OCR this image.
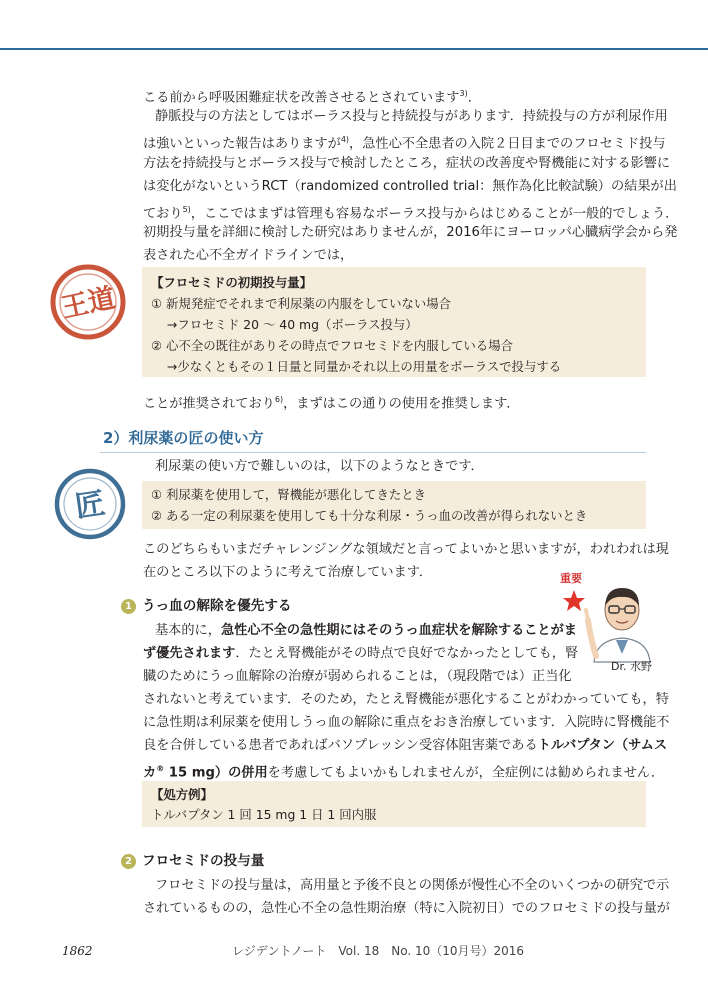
こる前から呼吸困難症状を改善させるとされています$^{3)}$．

静脈投与の方法としてはボーラス投与と持続投与があります．持続投与の方が利尿作用

は強いといった報告はありますが$^{4)}$，急性心不全患者の入院２日目までのフロセミド投与

方法を持続投与とボーラス投与で検討したところ，症状の改善度や腎機能に対する影響に

は変化がないというRCT（randomized controlled trial：無作為化比較試験）の結果が出

ており$^{5)}$，ここではまずは管理も容易なボーラス投与からはじめることが一般的でしょう．

初期投与量を詳細に検討した研究はありませんが，2016年にヨーロッパ心臓病学会から発

表された心不全ガイドラインでは，

王道
【フロセミドの初期投与量】
① 新規発症でそれまで利尿薬の内服をしていない場合
→フロセミド 20 ～ 40 mg（ボーラス投与）
② 心不全の既往がありその時点でフロセミドを内服している場合
→少なくともその１日量と同量かそれ以上の用量をボーラスで投与する

ことが推奨されており$^{6)}$，まずはこの通りの使用を推奨します．

2）利尿薬の匠の使い方

利尿薬の使い方で難しいのは，以下のようなときです．

匠	① 利尿薬を使用して，腎機能が悪化してきたとき
② ある一定の利尿薬を使用しても十分な利尿・うっ血の改善が得られないとき

このどちらもいまだチャレンジングな領域だと言ってよいかと思いますが，われわれは現

在のところ以下のように考えて治療しています．

1 うっ血の解除を優先する

基本的に，急性心不全の急性期にはそのうっ血症状を解除することがま

ず優先されます．たとえ腎機能がその時点で良好でなかったとしても，腎

臓のためにうっ血解除の治療が弱められることは，（現段階では）正当化

されないと考えています．そのため，たとえ腎機能が悪化することがわかっていても，特

に急性期は利尿薬を使用しうっ血の解除に重点をおき治療しています．入院時に腎機能不

良を合併している患者であればバソプレッシン受容体阻害薬であるトルバプタン（サムス

カ® 15 mg）の併用を考慮してもよいかもしれませんが，全症例には勧められません．

重要
Dr. 水野
【処方例】
トルバプタン 1 回 15 mg 1 日 1 回内服
2 フロセミドの投与量

フロセミドの投与量は，高用量と予後不良との関係が慢性心不全のいくつかの研究で示

されているものの，急性心不全の急性期治療（特に入院初日）でのフロセミドの投与量が

1862	レジデントノート　Vol. 18　No. 10（10月号）2016
